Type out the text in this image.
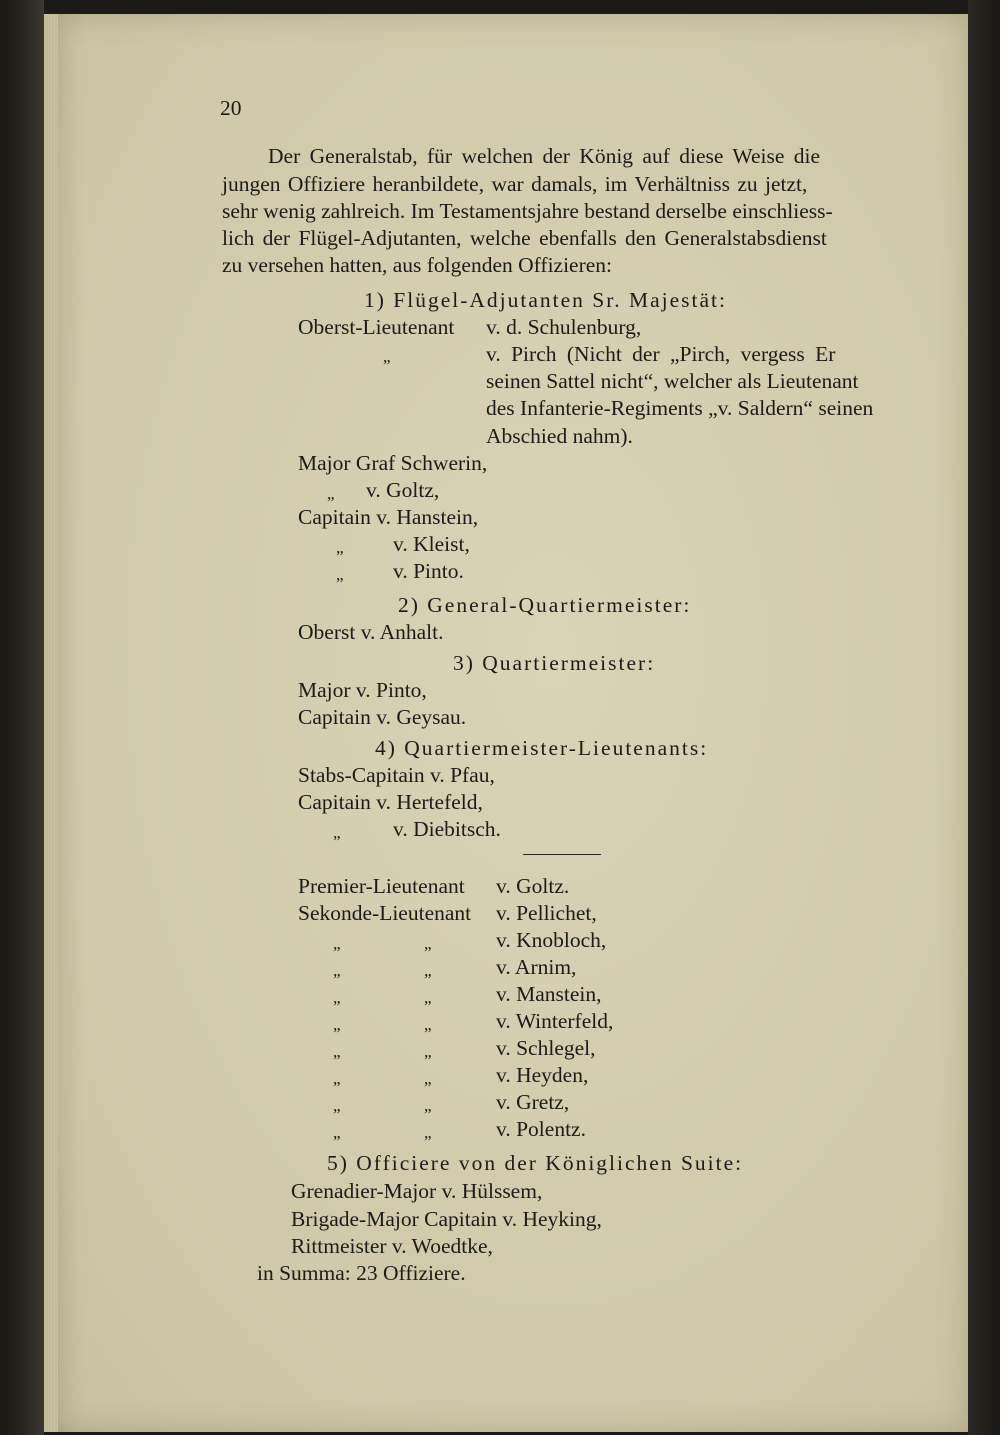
20
Der Generalstab, für welchen der König auf diese Weise die
jungen Offiziere heranbildete, war damals, im Verhältniss zu jetzt,
sehr wenig zahlreich. Im Testamentsjahre bestand derselbe einschliess-
lich der Flügel-Adjutanten, welche ebenfalls den Generalstabsdienst
zu versehen hatten, aus folgenden Offizieren:
1) Flügel-Adjutanten Sr. Majestät:
Oberst-Lieutenant v. d. Schulenburg,
„	v. Pirch (Nicht der „Pirch, vergess Er
seinen Sattel nicht“, welcher als Lieutenant
des Infanterie-Regiments „v. Saldern“ seinen
Abschied nahm).
Major Graf Schwerin,
„ v. Goltz,
Capitain v. Hanstein,
„ v. Kleist,
„ v. Pinto.
2) General-Quartiermeister:
Oberst v. Anhalt.
3) Quartiermeister:
Major v. Pinto,
Capitain v. Geysau.
4) Quartiermeister-Lieutenants:
Stabs-Capitain v. Pfau,
Capitain v. Hertefeld,
„ v. Diebitsch.
Premier-Lieutenant v. Goltz.
Sekonde-Lieutenant v. Pellichet,
„	„	v. Knobloch,
„	„	v. Arnim,
„	„	v. Manstein,
„	„	v. Winterfeld,
„	„	v. Schlegel,
„	„	v. Heyden,
„	„	v. Gretz,
„	„	v. Polentz.
5) Officiere von der Königlichen Suite:
Grenadier-Major v. Hülssem,
Brigade-Major Capitain v. Heyking,
Rittmeister v. Woedtke,
in Summa: 23 Offiziere.
